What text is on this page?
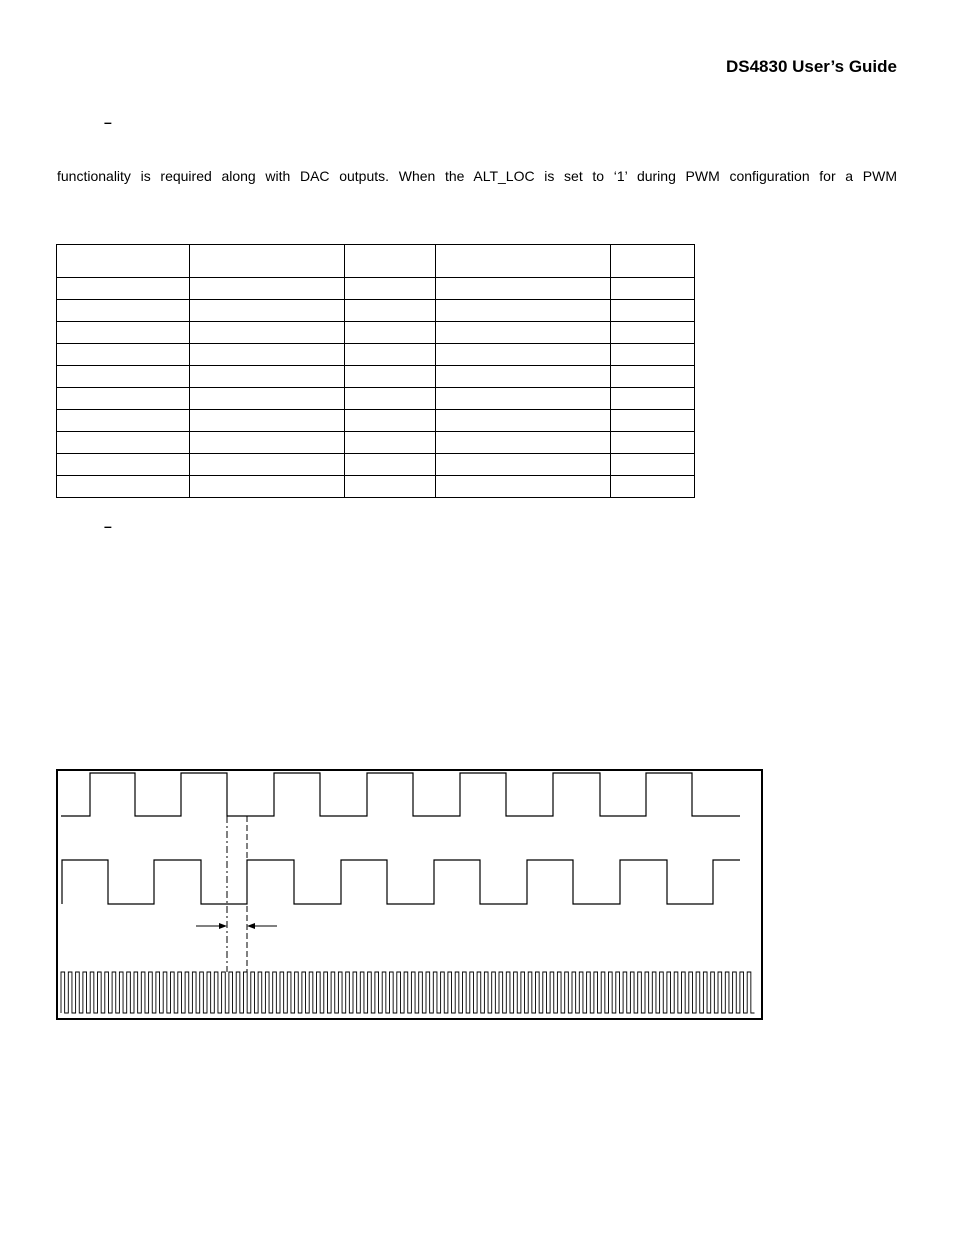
DS4830 User’s Guide
–
functionality is required along with DAC outputs. When the ALT_LOC is set to ‘1’ during PWM configuration for a PWM

–
